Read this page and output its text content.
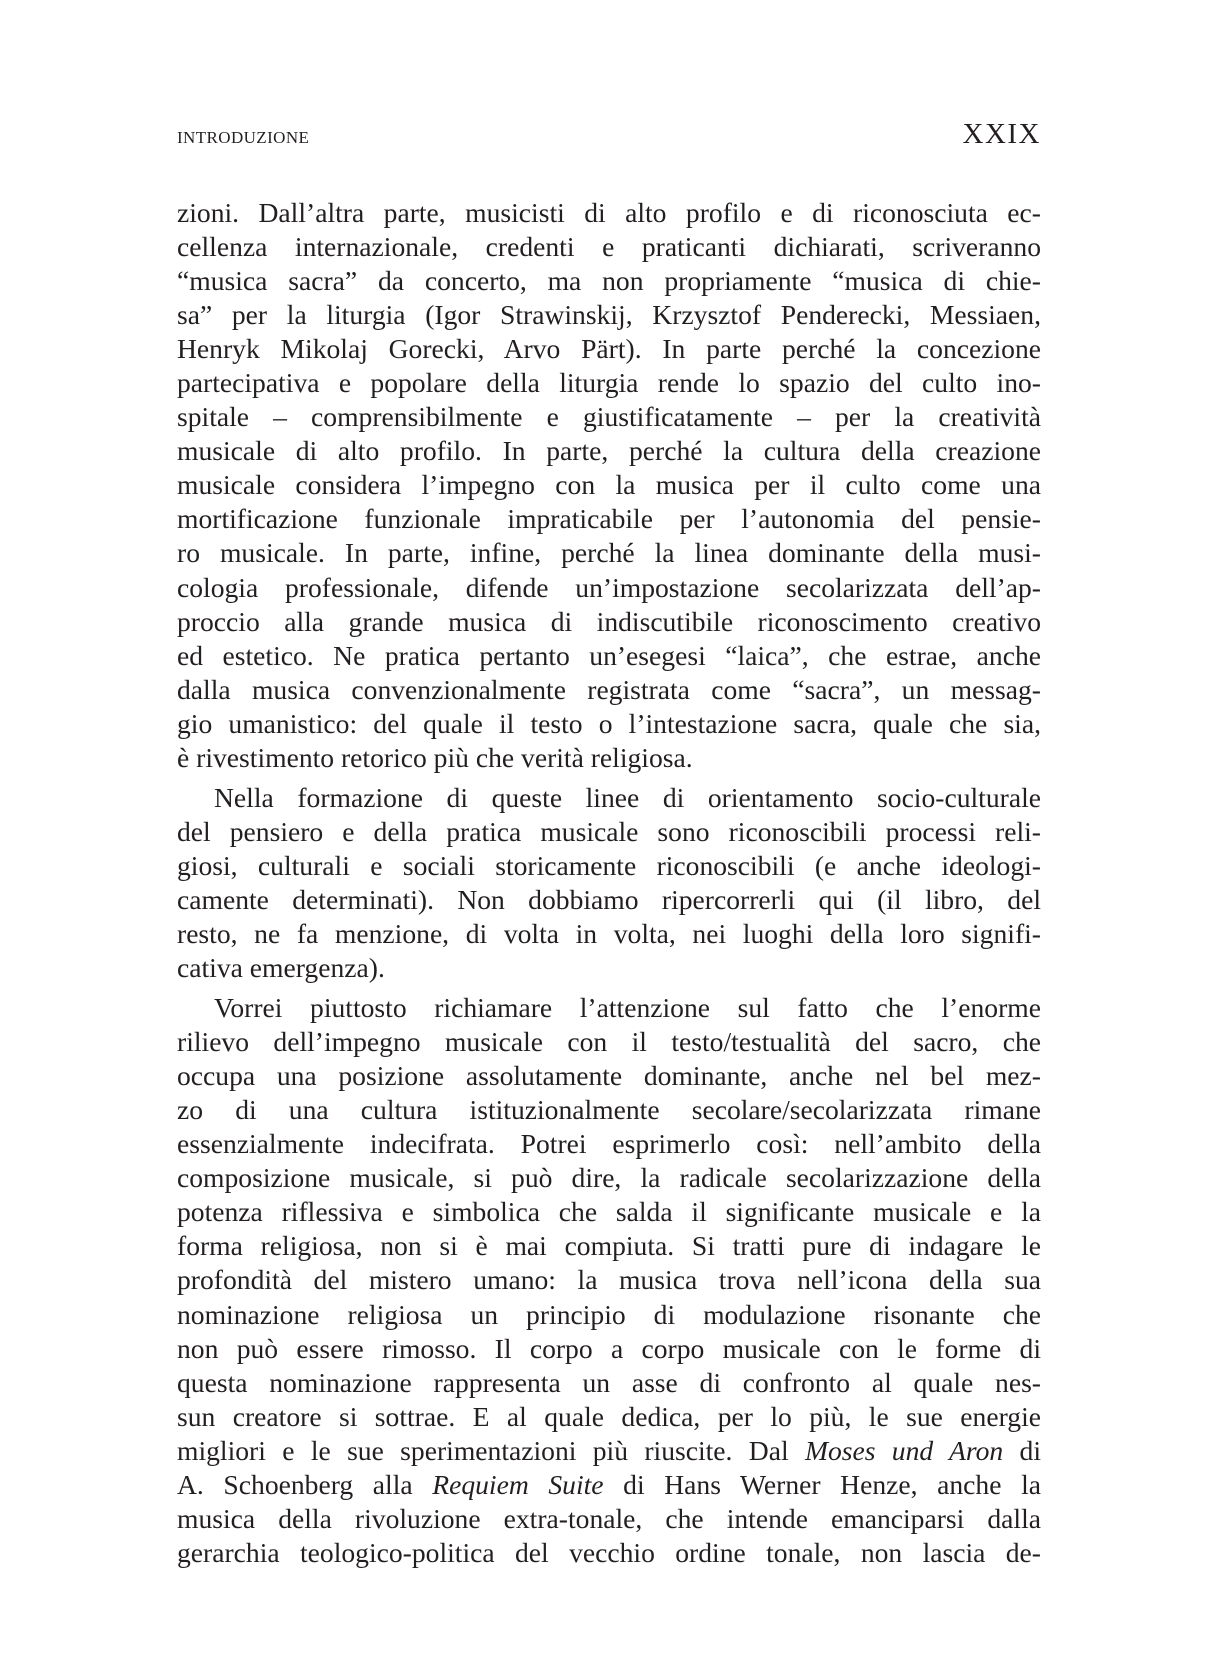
INTRODUZIONE	XXIX

zioni. Dall’altra parte, musicisti di alto profilo e di riconosciuta ec-
cellenza internazionale, credenti e praticanti dichiarati, scriveranno
“musica sacra” da concerto, ma non propriamente “musica di chie-
sa” per la liturgia (Igor Strawinskij, Krzysztof Penderecki, Messiaen,
Henryk Mikolaj Gorecki, Arvo Pärt). In parte perché la concezione
partecipativa e popolare della liturgia rende lo spazio del culto ino-
spitale – comprensibilmente e giustificatamente – per la creatività
musicale di alto profilo. In parte, perché la cultura della creazione
musicale considera l’impegno con la musica per il culto come una
mortificazione funzionale impraticabile per l’autonomia del pensie-
ro musicale. In parte, infine, perché la linea dominante della musi-
cologia professionale, difende un’impostazione secolarizzata dell’ap-
proccio alla grande musica di indiscutibile riconoscimento creativo
ed estetico. Ne pratica pertanto un’esegesi “laica”, che estrae, anche
dalla musica convenzionalmente registrata come “sacra”, un messag-
gio umanistico: del quale il testo o l’intestazione sacra, quale che sia,
è rivestimento retorico più che verità religiosa.

Nella formazione di queste linee di orientamento socio-culturale
del pensiero e della pratica musicale sono riconoscibili processi reli-
giosi, culturali e sociali storicamente riconoscibili (e anche ideologi-
camente determinati). Non dobbiamo ripercorrerli qui (il libro, del
resto, ne fa menzione, di volta in volta, nei luoghi della loro signifi-
cativa emergenza).

Vorrei piuttosto richiamare l’attenzione sul fatto che l’enorme
rilievo dell’impegno musicale con il testo/testualità del sacro, che
occupa una posizione assolutamente dominante, anche nel bel mez-
zo di una cultura istituzionalmente secolare/secolarizzata rimane
essenzialmente indecifrata. Potrei esprimerlo così: nell’ambito della
composizione musicale, si può dire, la radicale secolarizzazione della
potenza riflessiva e simbolica che salda il significante musicale e la
forma religiosa, non si è mai compiuta. Si tratti pure di indagare le
profondità del mistero umano: la musica trova nell’icona della sua
nominazione religiosa un principio di modulazione risonante che
non può essere rimosso. Il corpo a corpo musicale con le forme di
questa nominazione rappresenta un asse di confronto al quale nes-
sun creatore si sottrae. E al quale dedica, per lo più, le sue energie
migliori e le sue sperimentazioni più riuscite. Dal Moses und Aron di
A. Schoenberg alla Requiem Suite di Hans Werner Henze, anche la
musica della rivoluzione extra-tonale, che intende emanciparsi dalla
gerarchia teologico-politica del vecchio ordine tonale, non lascia de-
